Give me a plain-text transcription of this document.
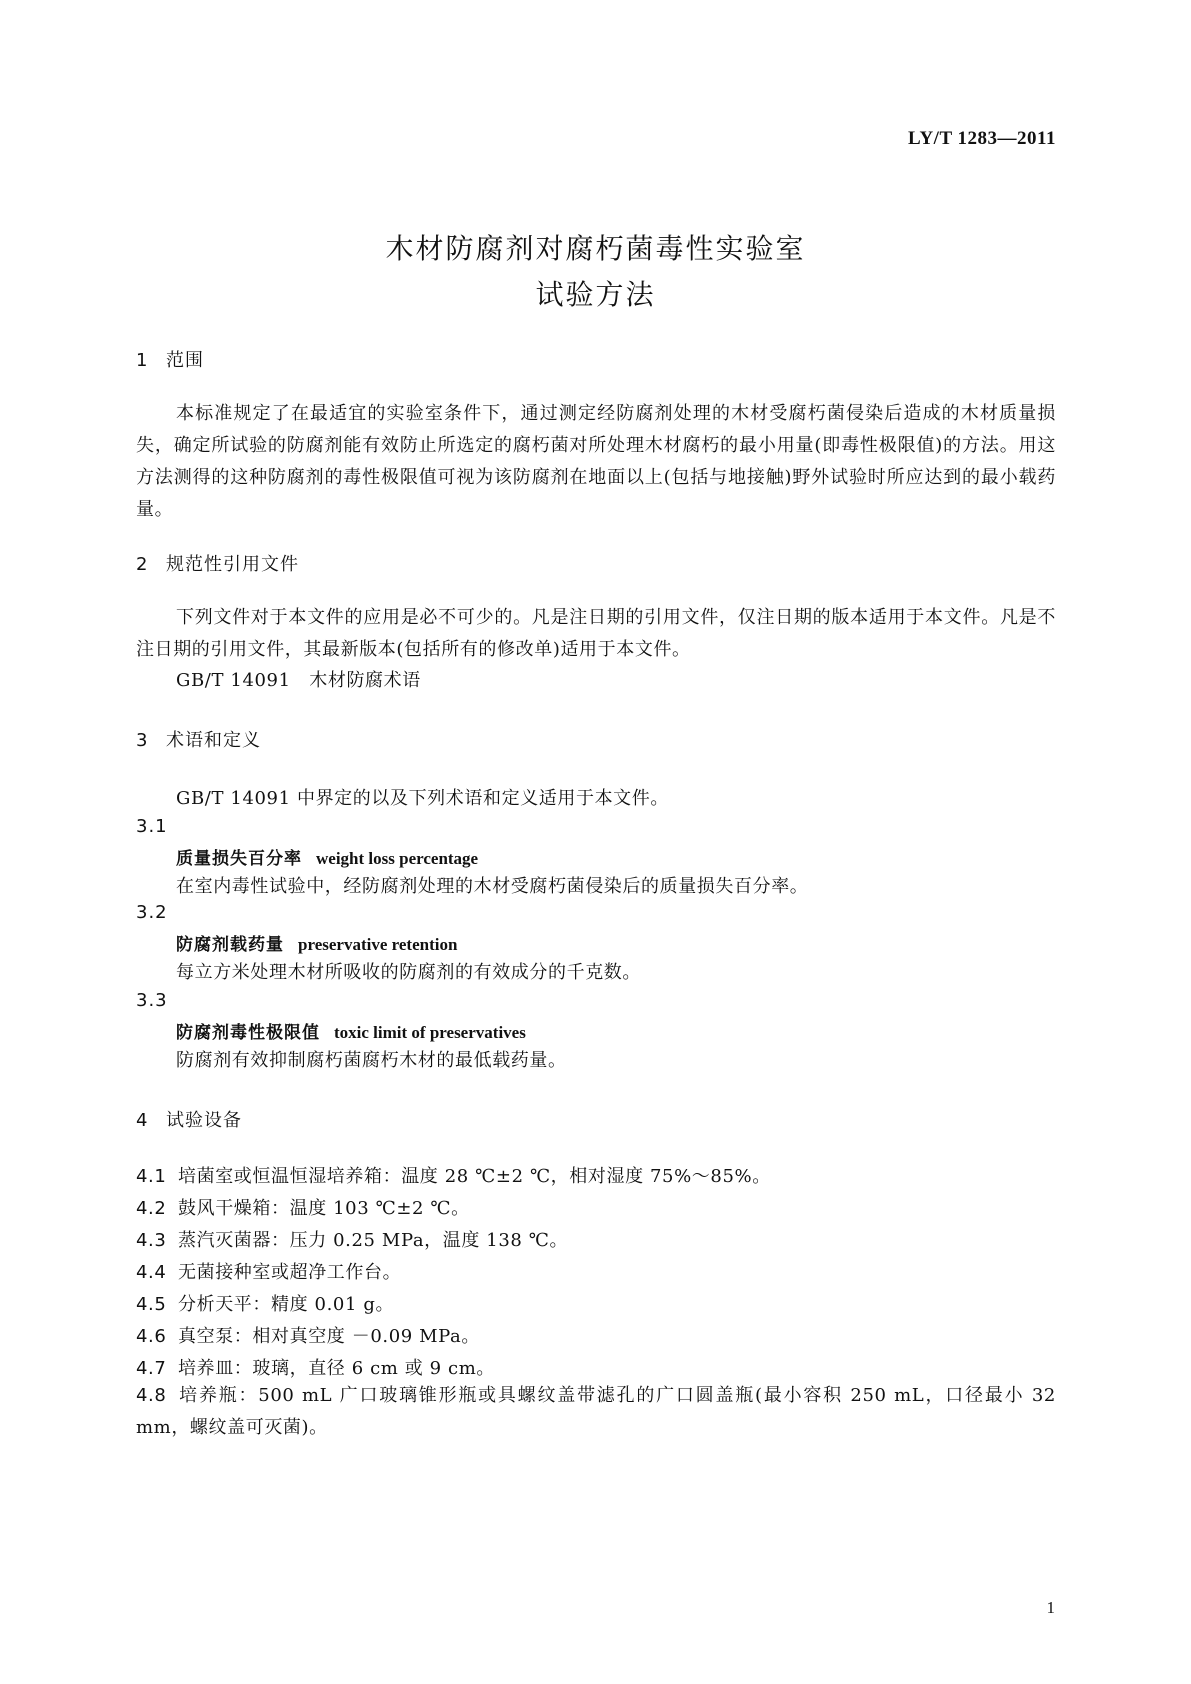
LY/T 1283—2011
木材防腐剂对腐朽菌毒性实验室
试验方法
1 范围
本标准规定了在最适宜的实验室条件下，通过测定经防腐剂处理的木材受腐朽菌侵染后造成的木材质量损失，确定所试验的防腐剂能有效防止所选定的腐朽菌对所处理木材腐朽的最小用量(即毒性极限值)的方法。用这方法测得的这种防腐剂的毒性极限值可视为该防腐剂在地面以上(包括与地接触)野外试验时所应达到的最小载药量。
2 规范性引用文件
下列文件对于本文件的应用是必不可少的。凡是注日期的引用文件，仅注日期的版本适用于本文件。凡是不注日期的引用文件，其最新版本(包括所有的修改单)适用于本文件。
GB/T 14091　木材防腐术语
3 术语和定义
GB/T 14091 中界定的以及下列术语和定义适用于本文件。
3.1
质量损失百分率 weight loss percentage
在室内毒性试验中，经防腐剂处理的木材受腐朽菌侵染后的质量损失百分率。
3.2
防腐剂载药量 preservative retention
每立方米处理木材所吸收的防腐剂的有效成分的千克数。
3.3
防腐剂毒性极限值 toxic limit of preservatives
防腐剂有效抑制腐朽菌腐朽木材的最低载药量。
4 试验设备
4.1 培菌室或恒温恒湿培养箱：温度 28 ℃±2 ℃，相对湿度 75%～85%。
4.2 鼓风干燥箱：温度 103 ℃±2 ℃。
4.3 蒸汽灭菌器：压力 0.25 MPa，温度 138 ℃。
4.4 无菌接种室或超净工作台。
4.5 分析天平：精度 0.01 g。
4.6 真空泵：相对真空度 －0.09 MPa。
4.7 培养皿：玻璃，直径 6 cm 或 9 cm。
4.8 培养瓶：500 mL 广口玻璃锥形瓶或具螺纹盖带滤孔的广口圆盖瓶(最小容积 250 mL，口径最小 32 mm，螺纹盖可灭菌)。
1
